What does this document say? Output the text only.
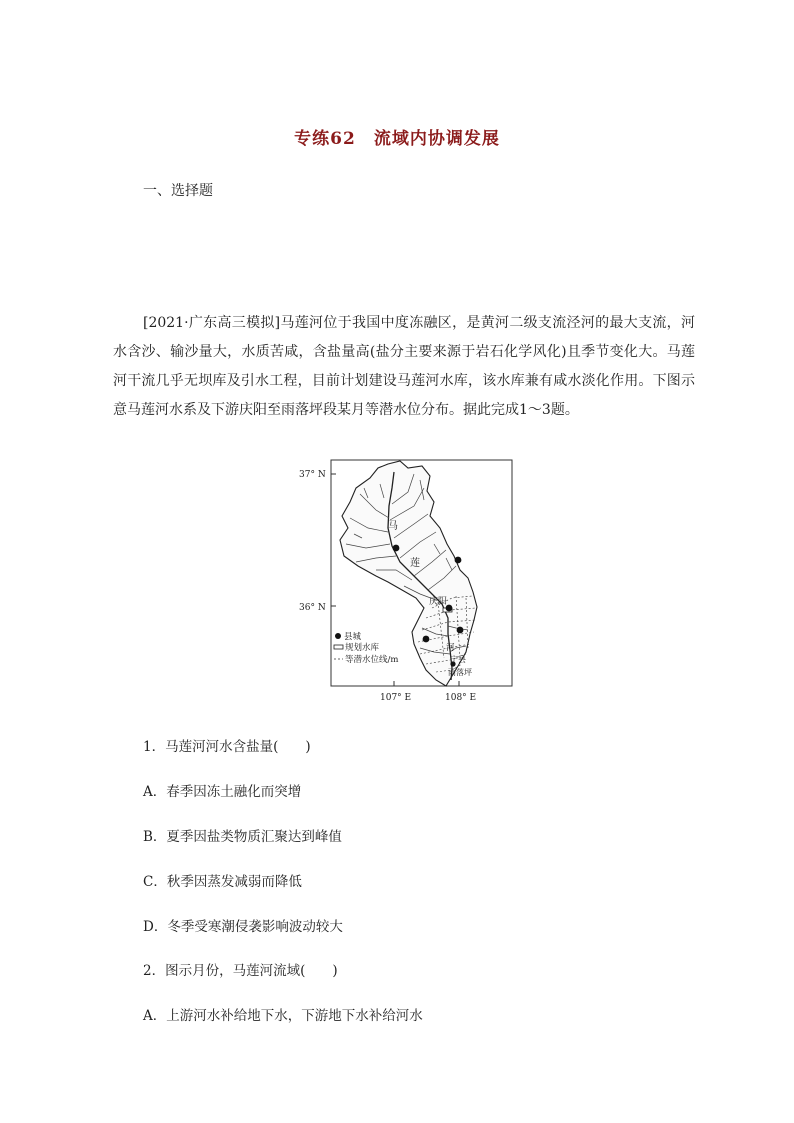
专练62　流域内协调发展
一、选择题
[2021·广东高三模拟]马莲河位于我国中度冻融区，是黄河二级支流泾河的最大支流，河水含沙、输沙量大，水质苦咸，含盐量高(盐分主要来源于岩石化学风化)且季节变化大。马莲河干流几乎无坝库及引水工程，目前计划建设马莲河水库，该水库兼有咸水淡化作用。下图示意马莲河水系及下游庆阳至雨落坪段某月等潜水位分布。据此完成1～3题。
马
莲
河
庆阳
宁县
雨落坪
37° N
36° N
107° E	108° E
县城
规划水库
等潜水位线/m
1．马莲河河水含盐量(　　)
A．春季因冻土融化而突增
B．夏季因盐类物质汇聚达到峰值
C．秋季因蒸发减弱而降低
D．冬季受寒潮侵袭影响波动较大
2．图示月份，马莲河流域(　　)
A．上游河水补给地下水，下游地下水补给河水
